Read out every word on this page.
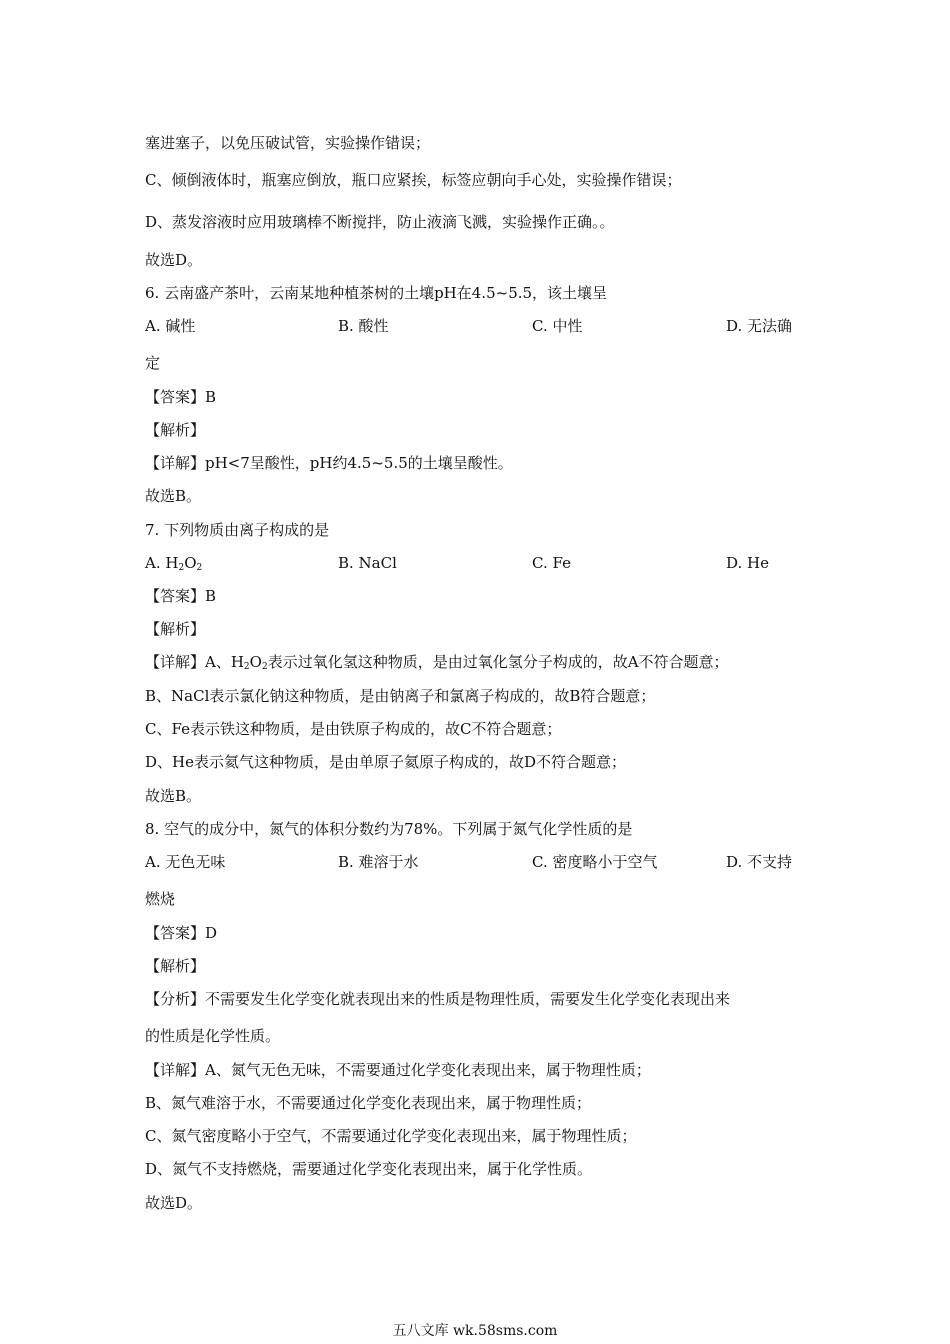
塞进塞子，以免压破试管，实验操作错误；
C、倾倒液体时，瓶塞应倒放，瓶口应紧挨，标签应朝向手心处，实验操作错误；
D、蒸发溶液时应用玻璃棒不断搅拌，防止液滴飞溅，实验操作正确。。
故选D。
6. 云南盛产茶叶，云南某地种植茶树的土壤pH在4.5~5.5，该土壤呈
A. 碱性	B. 酸性	C. 中性	D. 无法确
定
【答案】B
【解析】
【详解】pH<7呈酸性，pH约4.5~5.5的土壤呈酸性。
故选B。
7. 下列物质由离子构成的是
A. $H_2O_2$	B. NaCl	C. Fe	D. He
【答案】B
【解析】
【详解】A、$H_2O_2$表示过氧化氢这种物质，是由过氧化氢分子构成的，故A不符合题意；
B、NaCl表示氯化钠这种物质，是由钠离子和氯离子构成的，故B符合题意；
C、Fe表示铁这种物质，是由铁原子构成的，故C不符合题意；
D、He表示氦气这种物质，是由单原子氦原子构成的，故D不符合题意；
故选B。
8. 空气的成分中，氮气的体积分数约为78%。下列属于氮气化学性质的是
A. 无色无味	B. 难溶于水	C. 密度略小于空气	D. 不支持
燃烧
【答案】D
【解析】
【分析】不需要发生化学变化就表现出来的性质是物理性质，需要发生化学变化表现出来
的性质是化学性质。
【详解】A、氮气无色无味，不需要通过化学变化表现出来，属于物理性质；
B、氮气难溶于水，不需要通过化学变化表现出来，属于物理性质；
C、氮气密度略小于空气，不需要通过化学变化表现出来，属于物理性质；
D、氮气不支持燃烧，需要通过化学变化表现出来，属于化学性质。
故选D。
五八文库 wk.58sms.com
